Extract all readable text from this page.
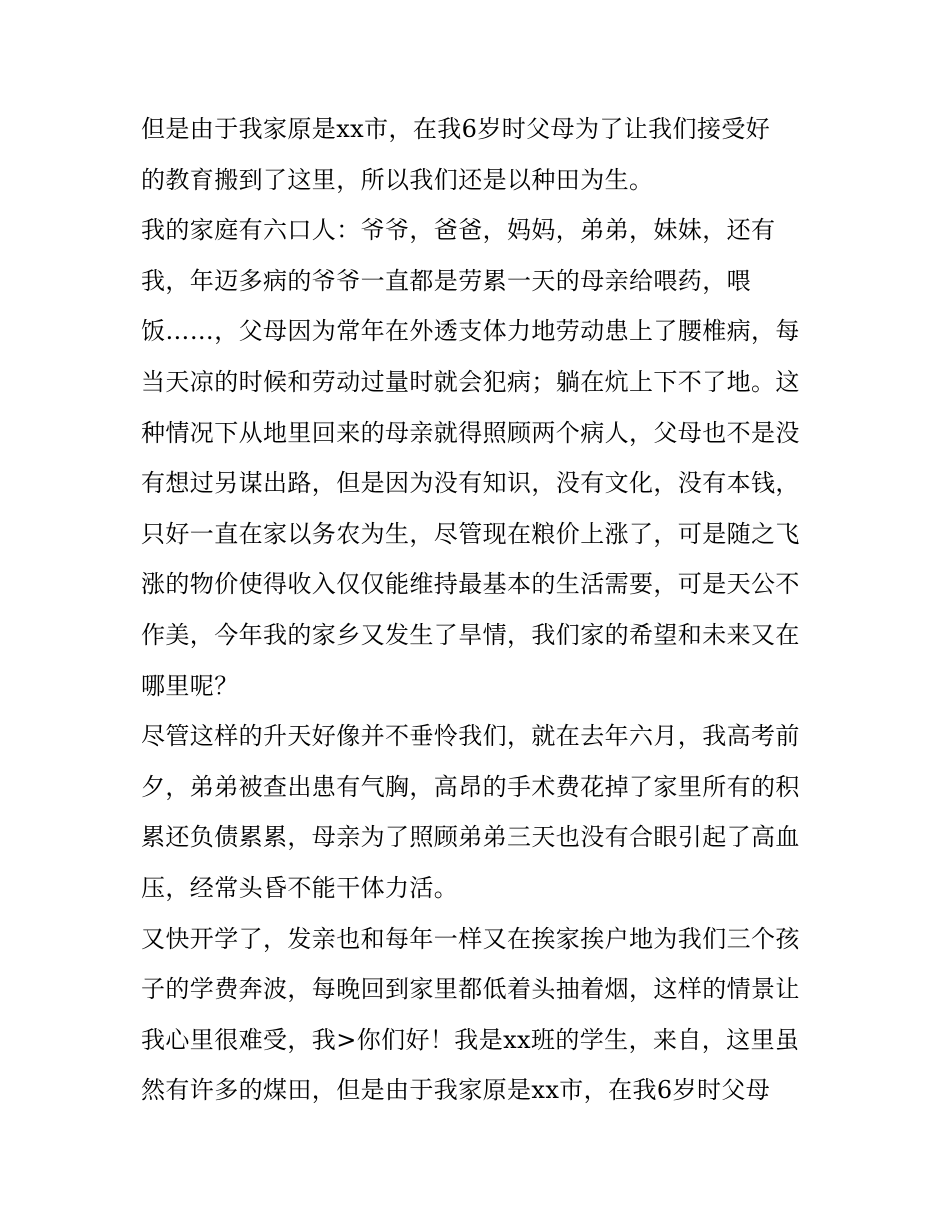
但是由于我家原是xx市，在我6岁时父母为了让我们接受好
的教育搬到了这里，所以我们还是以种田为生。
我的家庭有六口人：爷爷，爸爸，妈妈，弟弟，妹妹，还有
我，年迈多病的爷爷一直都是劳累一天的母亲给喂药，喂
饭……，父母因为常年在外透支体力地劳动患上了腰椎病，每
当天凉的时候和劳动过量时就会犯病；躺在炕上下不了地。这
种情况下从地里回来的母亲就得照顾两个病人，父母也不是没
有想过另谋出路，但是因为没有知识，没有文化，没有本钱，
只好一直在家以务农为生，尽管现在粮价上涨了，可是随之飞
涨的物价使得收入仅仅能维持最基本的生活需要，可是天公不
作美，今年我的家乡又发生了旱情，我们家的希望和未来又在
哪里呢？
尽管这样的升天好像并不垂怜我们，就在去年六月，我高考前
夕，弟弟被查出患有气胸，高昂的手术费花掉了家里所有的积
累还负债累累，母亲为了照顾弟弟三天也没有合眼引起了高血
压，经常头昏不能干体力活。
又快开学了，发亲也和每年一样又在挨家挨户地为我们三个孩
子的学费奔波，每晚回到家里都低着头抽着烟，这样的情景让
我心里很难受，我>你们好！我是xx班的学生，来自，这里虽
然有许多的煤田，但是由于我家原是xx市，在我6岁时父母
